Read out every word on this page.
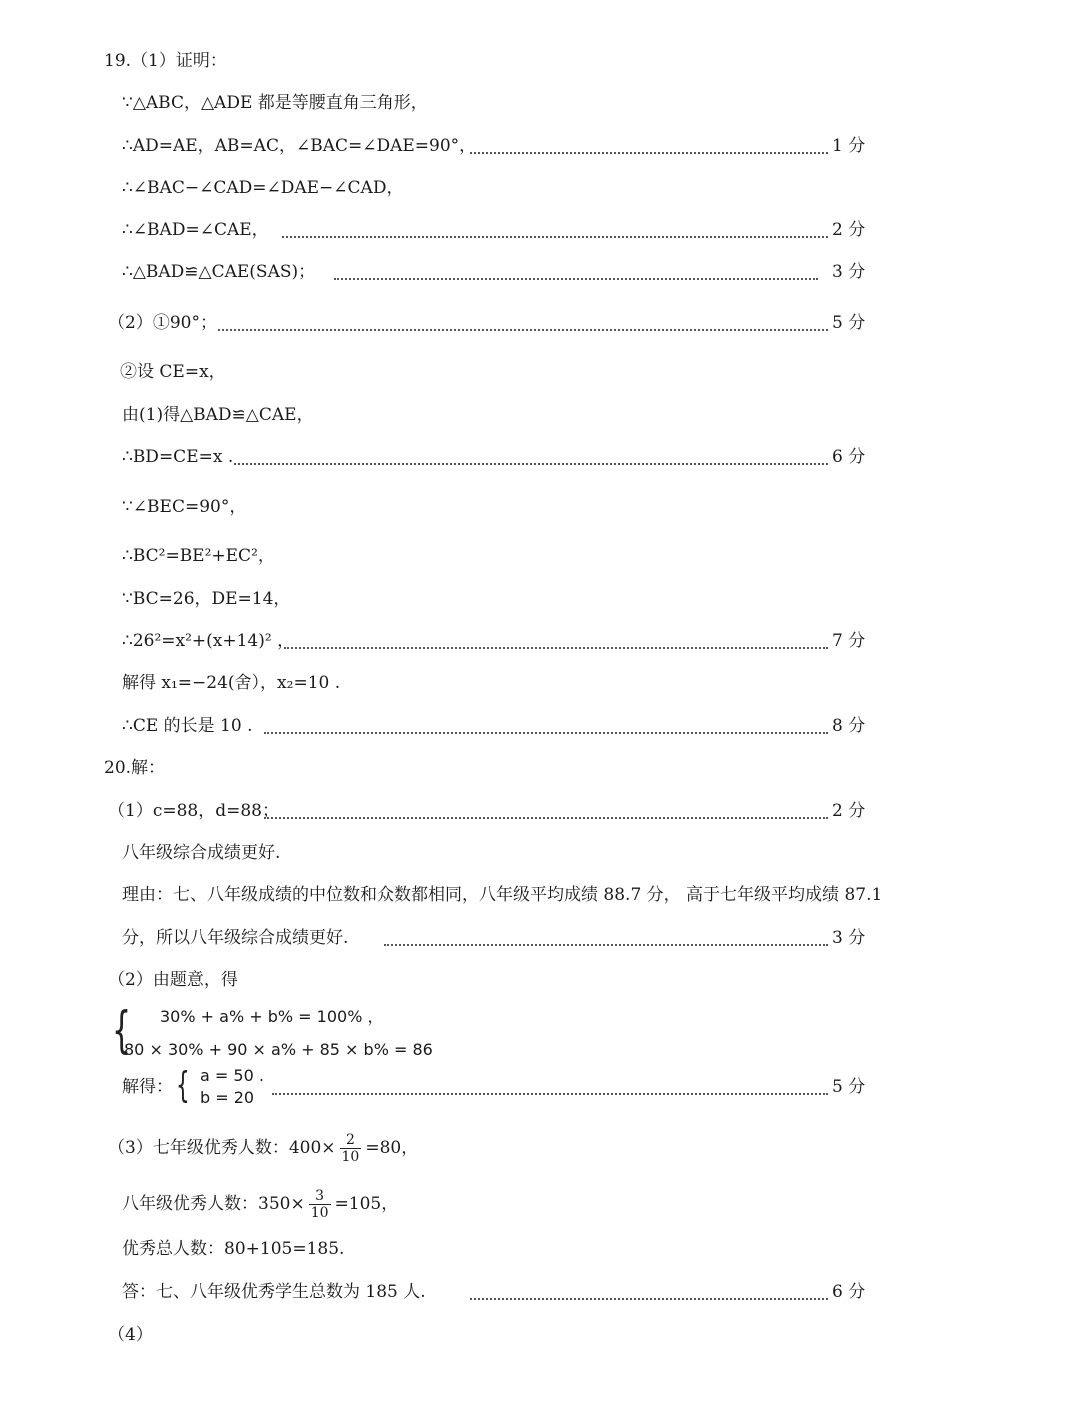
19.（1）证明：
∵△ABC，△ADE 都是等腰直角三角形，
∴AD=AE，AB=AC，∠BAC=∠DAE=90°，	1 分
∴∠BAC−∠CAD=∠DAE−∠CAD，
∴∠BAD=∠CAE，	2 分
∴△BAD≌△CAE(SAS)；	3 分
（2）①90°；	5 分
②设 CE=x，
由(1)得△BAD≌△CAE，
∴BD=CE=x .	6 分
∵∠BEC=90°，
∴BC²=BE²+EC²，
∵BC=26，DE=14，
∴26²=x²+(x+14)² ，	7 分
解得 x₁=−24(舍），x₂=10 .
∴CE 的长是 10 .	8 分
20.解：
（1）c=88，d=88；	2 分
八年级综合成绩更好.
理由：七、八年级成绩的中位数和众数都相同，八年级平均成绩 88.7 分， 高于七年级平均成绩 87.1
分，所以八年级综合成绩更好.	3 分
（2）由题意，得
{ 30% + a% + b% = 100% ，
80 × 30% + 90 × a% + 85 × b% = 86
解得： { a = 50 .
b = 20
5 分
（3）七年级优秀人数：$400\times \frac{2}{10} =80$，
八年级优秀人数：$350\times \frac{3}{10} =105$，
优秀总人数：80+105=185.
答：七、八年级优秀学生总数为 185 人.	6 分
（4）
